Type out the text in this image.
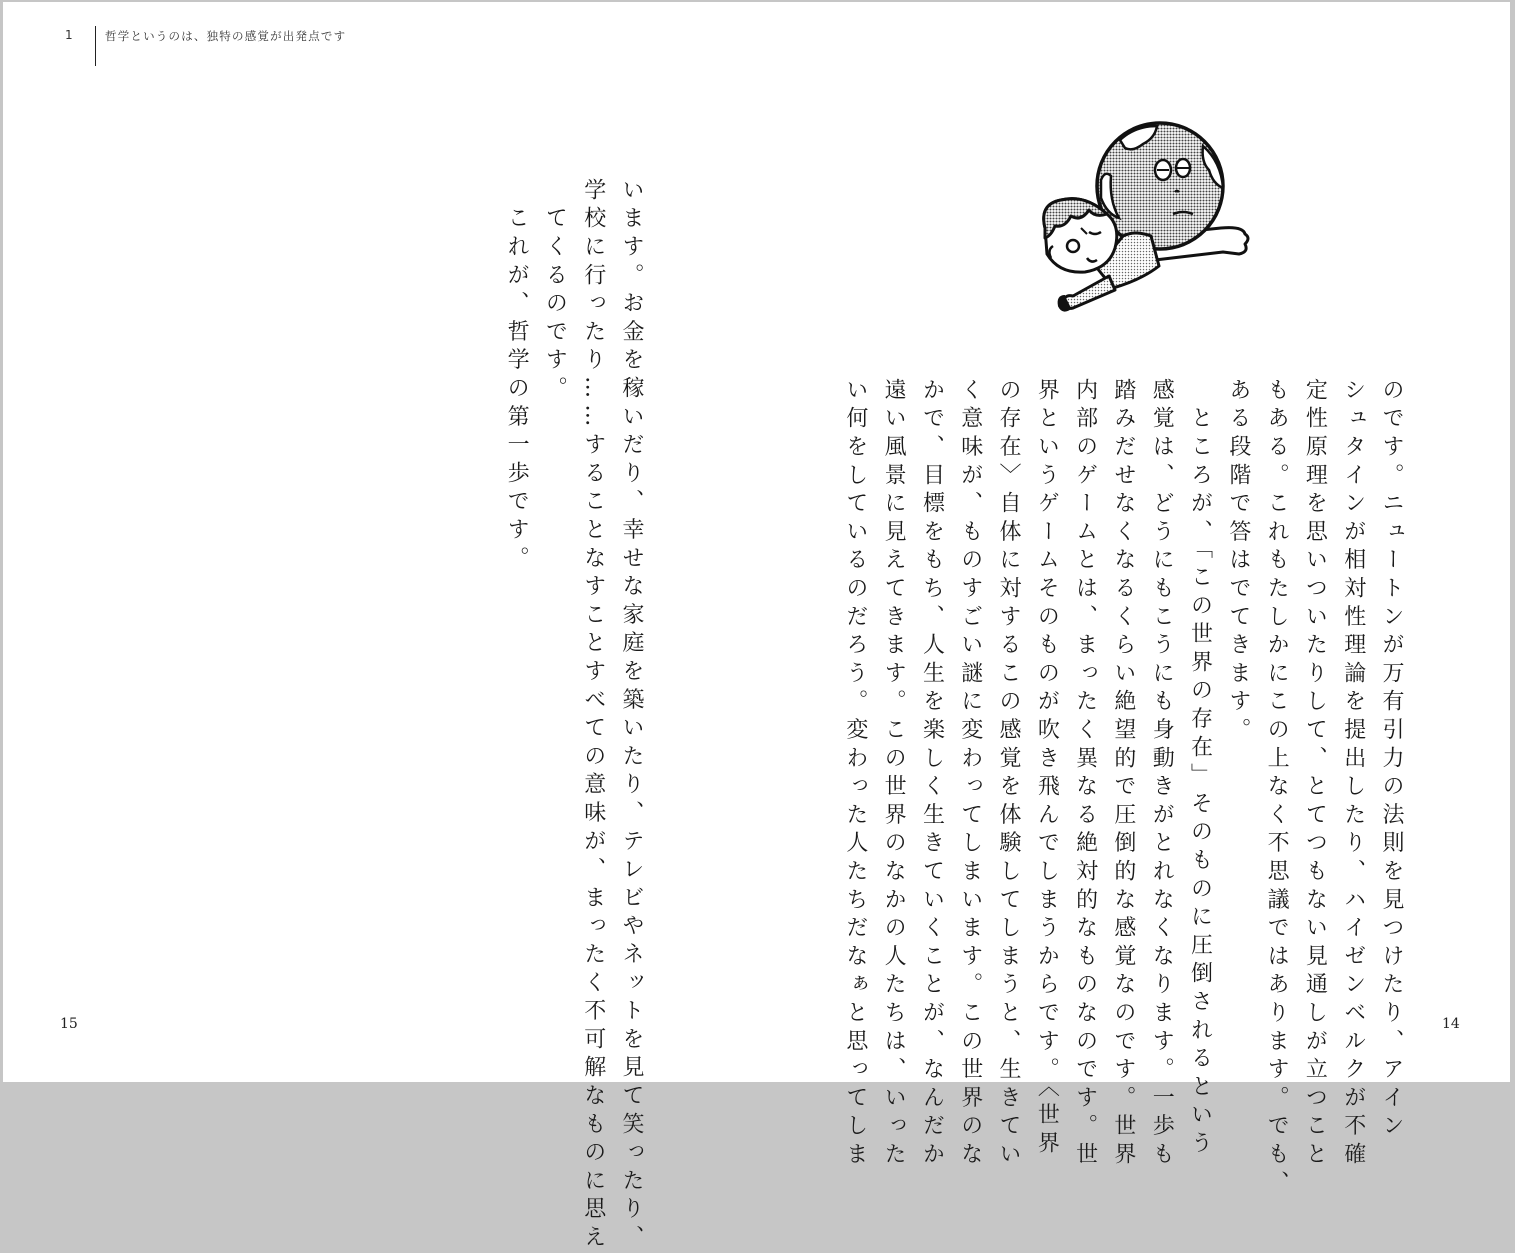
1	哲学というのは、独特の感覚が出発点です
のです。ニュートンが万有引力の法則を見つけたり、アイン
シュタインが相対性理論を提出したり、ハイゼンベルクが不確
定性原理を思いついたりして、とてつもない見通しが立つこと
もある。これもたしかにこの上なく不思議ではあります。でも、
ある段階で答はでてきます。
　ところが、「この世界の存在」そのものに圧倒されるという
感覚は、どうにもこうにも身動きがとれなくなります。一歩も
踏みだせなくなるくらい絶望的で圧倒的な感覚なのです。世界
内部のゲームとは、まったく異なる絶対的なものなのです。世
界というゲームそのものが吹き飛んでしまうからです。〈世界
の存在〉自体に対するこの感覚を体験してしまうと、生きてい
く意味が、ものすごい謎に変わってしまいます。この世界のな
かで、目標をもち、人生を楽しく生きていくことが、なんだか
遠い風景に見えてきます。この世界のなかの人たちは、いった
い何をしているのだろう。変わった人たちだなぁと思ってしま
います。お金を稼いだり、幸せな家庭を築いたり、テレビやネットを見て笑ったり、
学校に行ったり……することなすことすべての意味が、まったく不可解なものに思え
　てくるのです。
　これが、哲学の第一歩です。
15	14
